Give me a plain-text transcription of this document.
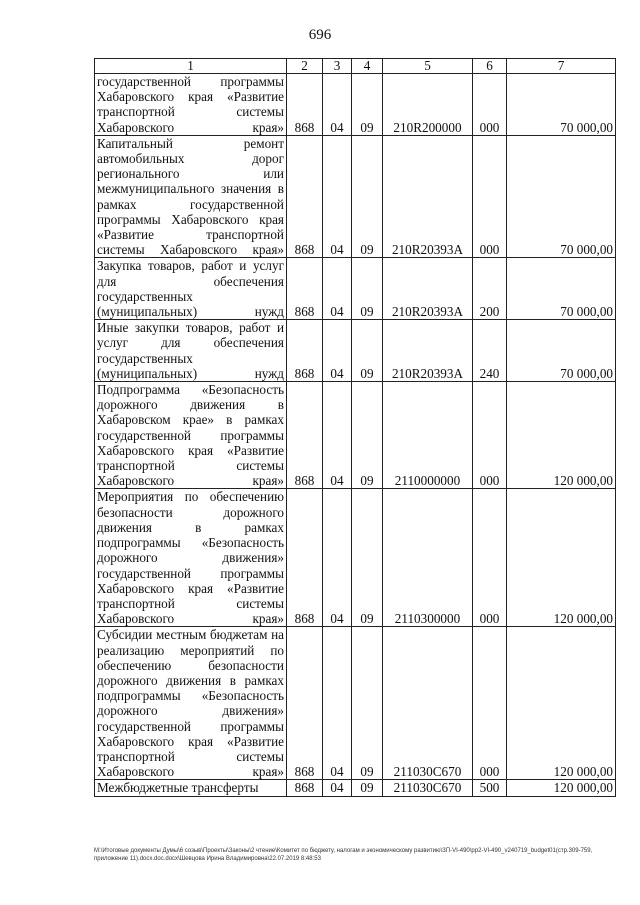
696
1	2	3	4	5	6	7
государственной программы Хабаровского края «Развитие транспортной системы Хабаровского края»	868	04	09	210R200000	000	70 000,00
Капитальный ремонт автомобильных дорог регионального или межмуниципального значения в рамках государственной программы Хабаровского края «Развитие транспортной системы Хабаровского края»	868	04	09	210R20393А	000	70 000,00
Закупка товаров, работ и услуг для обеспечения государственных (муниципальных) нужд	868	04	09	210R20393А	200	70 000,00
Иные закупки товаров, работ и услуг для обеспечения государственных (муниципальных) нужд	868	04	09	210R20393А	240	70 000,00
Подпрограмма «Безопасность дорожного движения в Хабаровском крае» в рамках государственной программы Хабаровского края «Развитие транспортной системы Хабаровского края»	868	04	09	2110000000	000	120 000,00
Мероприятия по обеспечению безопасности дорожного движения в рамках подпрограммы «Безопасность дорожного движения» государственной программы Хабаровского края «Развитие транспортной системы Хабаровского края»	868	04	09	2110300000	000	120 000,00
Субсидии местным бюджетам на реализацию мероприятий по обеспечению безопасности дорожного движения в рамках подпрограммы «Безопасность дорожного движения» государственной программы Хабаровского края «Развитие транспортной системы Хабаровского края»	868	04	09	211030С670	000	120 000,00
Межбюджетные трансферты	868	04	09	211030С670	500	120 000,00
M:\Итоговые документы Думы\6 созыв\Проекты\Законы\2 чтение\Комитет по бюджету, налогам и экономическому развитию\ЗП-VI-490\рр2-VI-490_v240719_budget01(стр.309-759, приложение 11).docx.doc.docx\Шевцова Ирина Владимировна\22.07.2019 8:48:53
